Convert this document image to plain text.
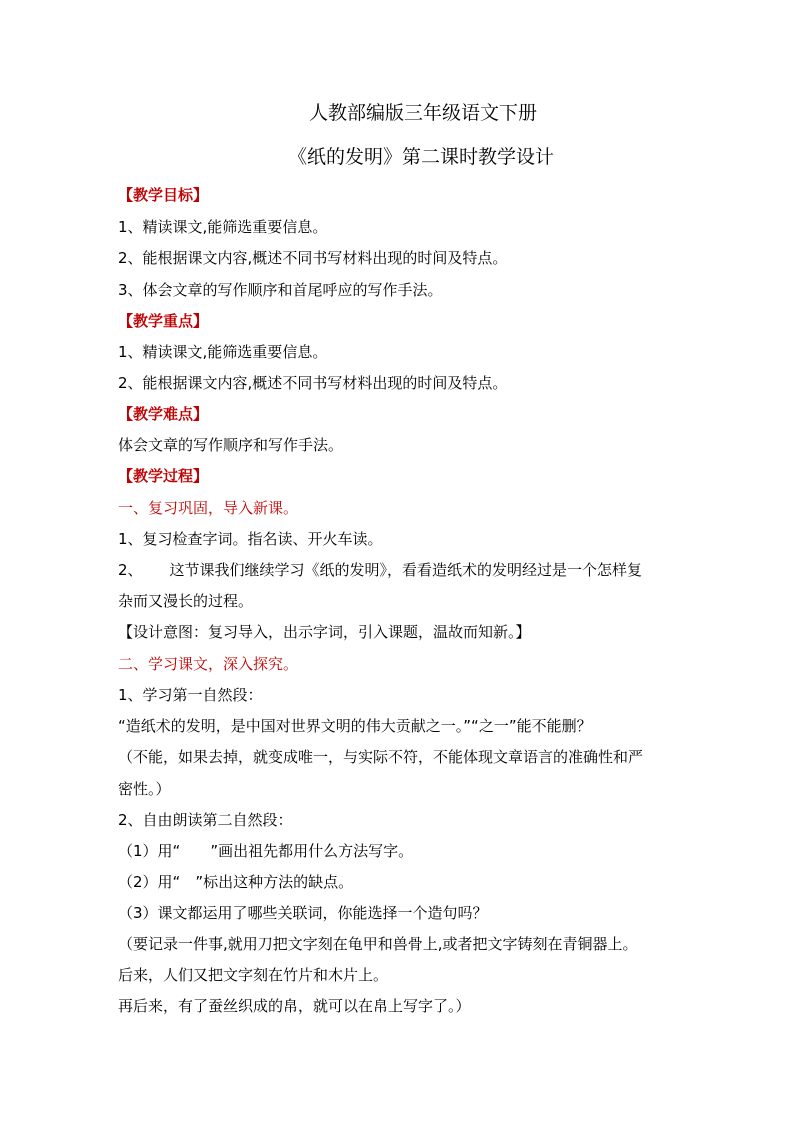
人教部编版三年级语文下册
《纸的发明》第二课时教学设计
【教学目标】
1、精读课文,能筛选重要信息。
2、能根据课文内容,概述不同书写材料出现的时间及特点。
3、体会文章的写作顺序和首尾呼应的写作手法。
【教学重点】
1、精读课文,能筛选重要信息。
2、能根据课文内容,概述不同书写材料出现的时间及特点。
【教学难点】
体会文章的写作顺序和写作手法。
【教学过程】
一、复习巩固，导入新课。
1、复习检查字词。指名读、开火车读。
2、 这节课我们继续学习《纸的发明》，看看造纸术的发明经过是一个怎样复
杂而又漫长的过程。
【设计意图：复习导入，出示字词，引入课题，温故而知新。】
二、学习课文，深入探究。
1、学习第一自然段：
“造纸术的发明，是中国对世界文明的伟大贡献之一。”“之一”能不能删？
（不能，如果去掉，就变成唯一，与实际不符，不能体现文章语言的准确性和严
密性。）
2、自由朗读第二自然段：
（1）用“　　”画出祖先都用什么方法写字。
（2）用“　”标出这种方法的缺点。
（3）课文都运用了哪些关联词，你能选择一个造句吗？
（要记录一件事,就用刀把文字刻在龟甲和兽骨上,或者把文字铸刻在青铜器上。
后来，人们又把文字刻在竹片和木片上。
再后来，有了蚕丝织成的帛，就可以在帛上写字了。）
